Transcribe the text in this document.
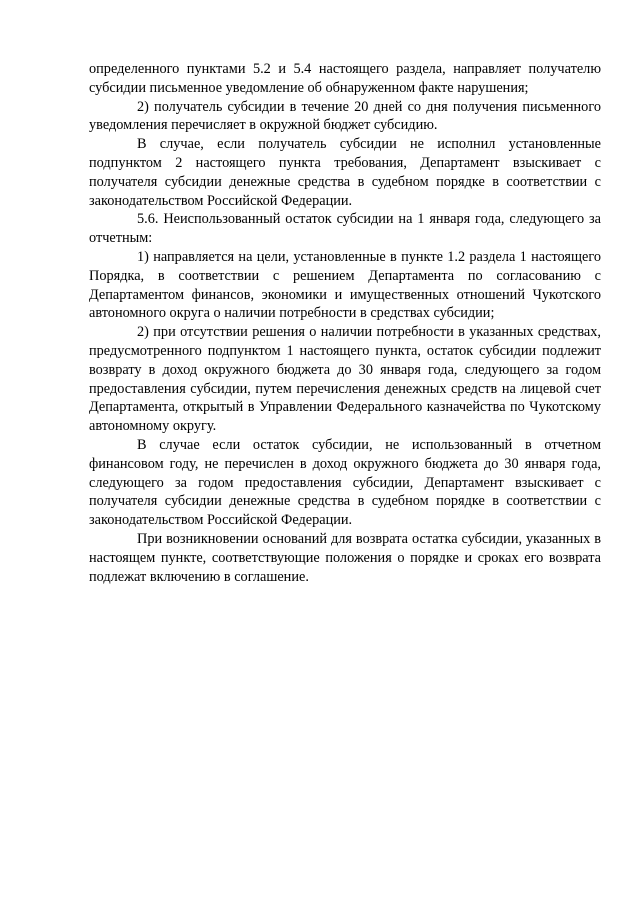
определенного пунктами 5.2 и 5.4 настоящего раздела, направляет получателю субсидии письменное уведомление об обнаруженном факте нарушения;

2) получатель субсидии в течение 20 дней со дня получения письменного уведомления перечисляет в окружной бюджет субсидию.

В случае, если получатель субсидии не исполнил установленные подпунктом 2 настоящего пункта требования, Департамент взыскивает с получателя субсидии денежные средства в судебном порядке в соответствии с законодательством Российской Федерации.

5.6. Неиспользованный остаток субсидии на 1 января года, следующего за отчетным:

1) направляется на цели, установленные в пункте 1.2 раздела 1 настоящего Порядка, в соответствии с решением Департамента по согласованию с Департаментом финансов, экономики и имущественных отношений Чукотского автономного округа о наличии потребности в средствах субсидии;

2) при отсутствии решения о наличии потребности в указанных средствах, предусмотренного подпунктом 1 настоящего пункта, остаток субсидии подлежит возврату в доход окружного бюджета до 30 января года, следующего за годом предоставления субсидии, путем перечисления денежных средств на лицевой счет Департамента, открытый в Управлении Федерального казначейства по Чукотскому автономному округу.

В случае если остаток субсидии, не использованный в отчетном финансовом году, не перечислен в доход окружного бюджета до 30 января года, следующего за годом предоставления субсидии, Департамент взыскивает с получателя субсидии денежные средства в судебном порядке в соответствии с законодательством Российской Федерации.

При возникновении оснований для возврата остатка субсидии, указанных в настоящем пункте, соответствующие положения о порядке и сроках его возврата подлежат включению в соглашение.
